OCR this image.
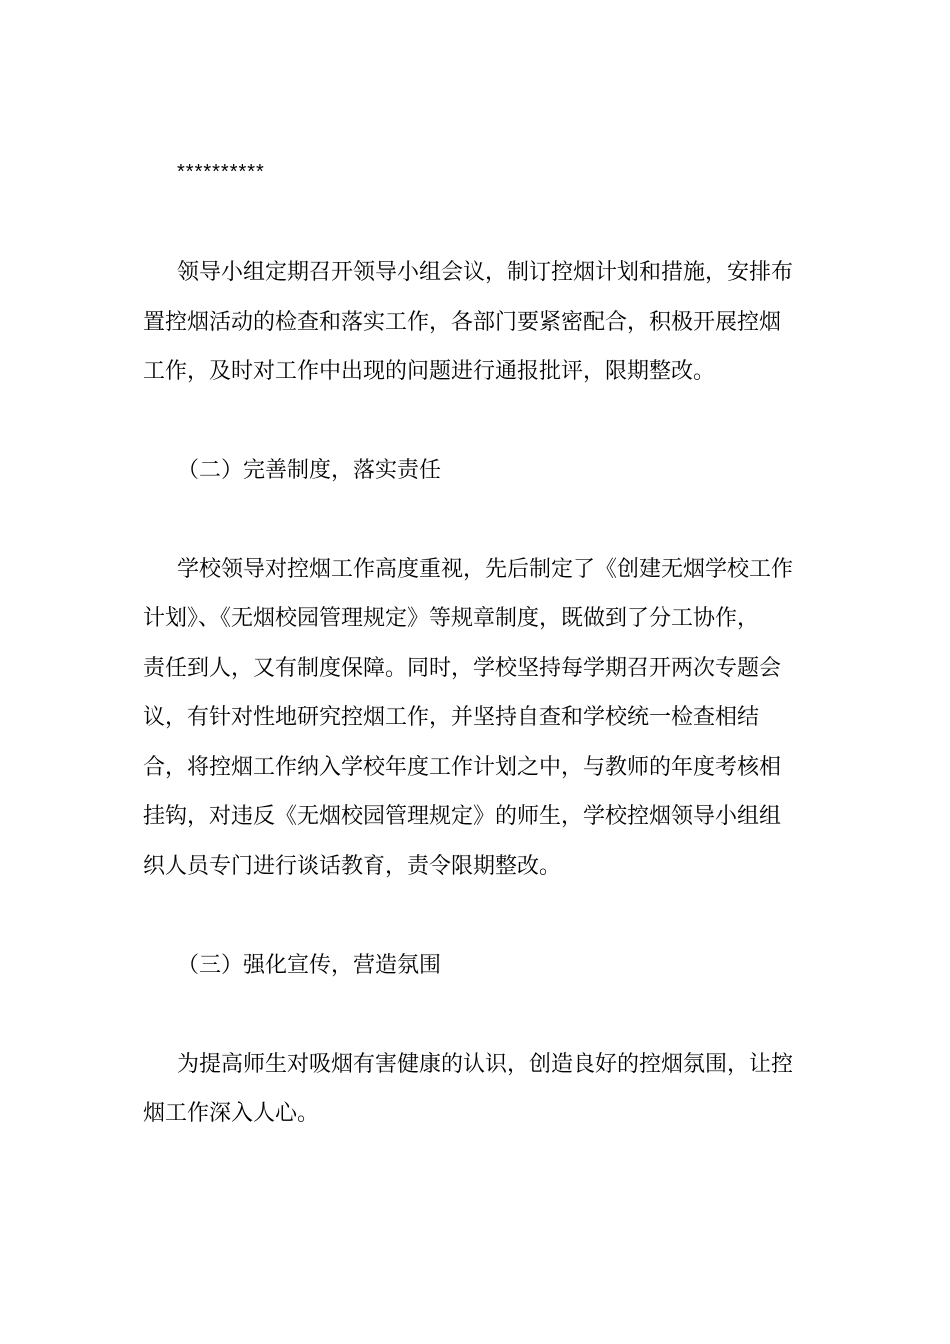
**********
领导小组定期召开领导小组会议，制订控烟计划和措施，安排布
置控烟活动的检查和落实工作，各部门要紧密配合，积极开展控烟
工作，及时对工作中出现的问题进行通报批评，限期整改。
（二）完善制度，落实责任
学校领导对控烟工作高度重视，先后制定了《创建无烟学校工作
计划》、《无烟校园管理规定》等规章制度，既做到了分工协作，
责任到人，又有制度保障。同时，学校坚持每学期召开两次专题会
议，有针对性地研究控烟工作，并坚持自查和学校统一检查相结
合，将控烟工作纳入学校年度工作计划之中，与教师的年度考核相
挂钩，对违反《无烟校园管理规定》的师生，学校控烟领导小组组
织人员专门进行谈话教育，责令限期整改。
（三）强化宣传，营造氛围
为提高师生对吸烟有害健康的认识，创造良好的控烟氛围，让控
烟工作深入人心。
